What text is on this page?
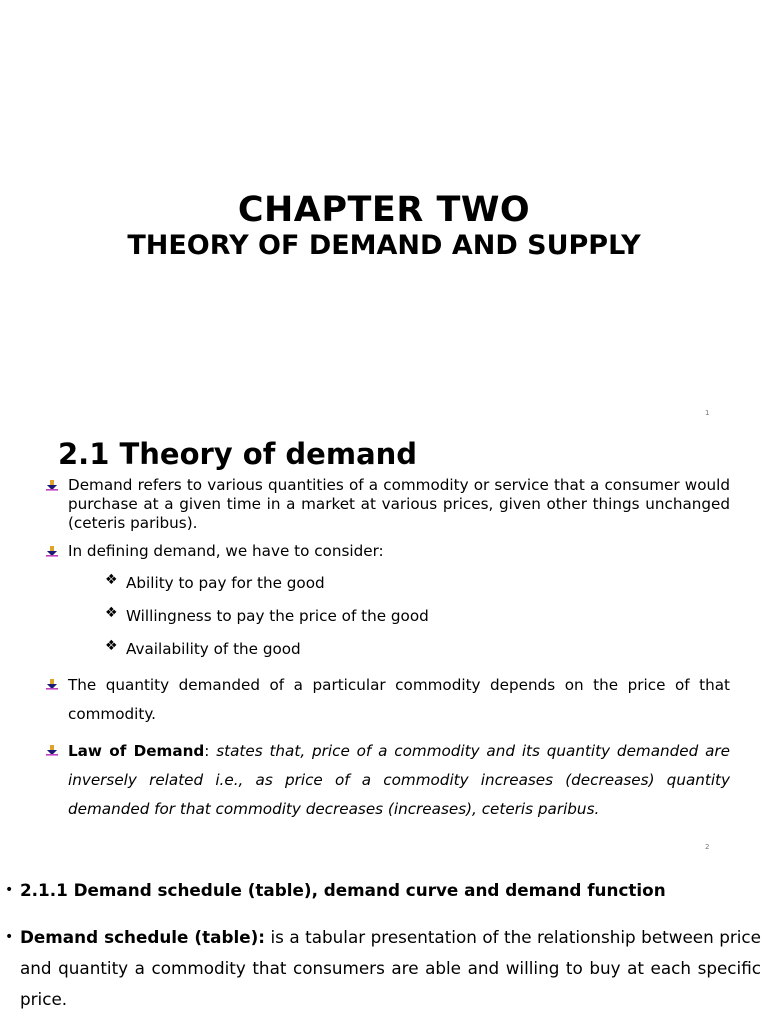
CHAPTER TWO
THEORY OF DEMAND AND SUPPLY
1
2.1 Theory of demand
Demand refers to various quantities of a commodity or service that a consumer would purchase at a given time in a market at various prices, given other things unchanged (ceteris paribus).
In defining demand, we have to consider:
❖ Ability to pay for the good
❖ Willingness to pay the price of the good
❖ Availability of the good
The quantity demanded of a particular commodity depends on the price of that commodity.
Law of Demand: states that, price of a commodity and its quantity demanded are inversely related i.e., as price of a commodity increases (decreases) quantity demanded for that commodity decreases (increases), ceteris paribus.
2
• 2.1.1 Demand schedule (table), demand curve and demand function
• Demand schedule (table): is a tabular presentation of the relationship between price and quantity a commodity that consumers are able and willing to buy at each specific price.
